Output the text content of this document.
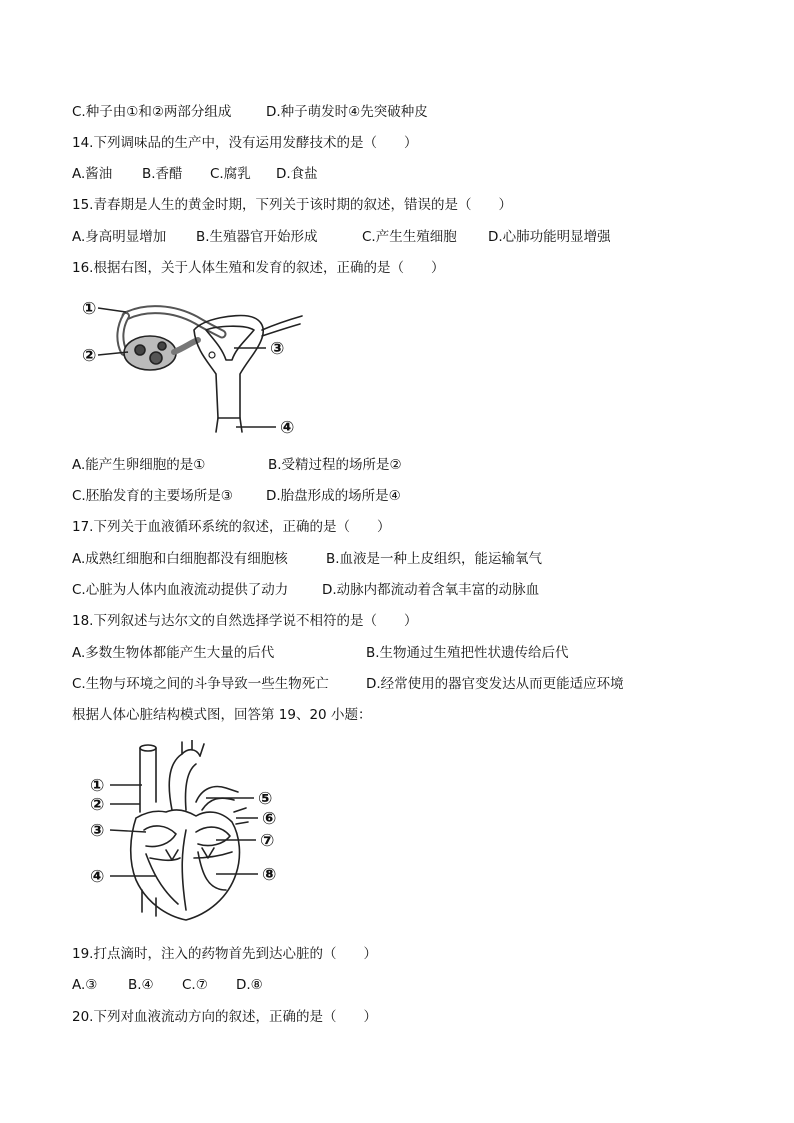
C.种子由①和②两部分组成	D.种子萌发时④先突破种皮
14.下列调味品的生产中，没有运用发酵技术的是（　　）
A.酱油 B.香醋 C.腐乳 D.食盐
15.青春期是人生的黄金时期，下列关于该时期的叙述，错误的是（　　）
A.身高明显增加 B.生殖器官开始形成	C.产生生殖细胞 D.心肺功能明显增强
16.根据右图，关于人体生殖和发育的叙述，正确的是（　　）
①
②	③
④
A.能产生卵细胞的是①	B.受精过程的场所是②
C.胚胎发育的主要场所是③ D.胎盘形成的场所是④
17.下列关于血液循环系统的叙述，正确的是（　　）
A.成熟红细胞和白细胞都没有细胞核	B.血液是一种上皮组织，能运输氧气
C.心脏为人体内血液流动提供了动力	D.动脉内都流动着含氧丰富的动脉血
18.下列叙述与达尔文的自然选择学说不相符的是（　　）
A.多数生物体都能产生大量的后代	B.生物通过生殖把性状遗传给后代
C.生物与环境之间的斗争导致一些生物死亡	D.经常使用的器官变发达从而更能适应环境
根据人体心脏结构模式图，回答第 19、20 小题：
①
②
③
④
⑤
⑥
⑦
⑧
19.打点滴时，注入的药物首先到达心脏的（　　）
A.③ B.④ C.⑦ D.⑧
20.下列对血液流动方向的叙述，正确的是（　　）
